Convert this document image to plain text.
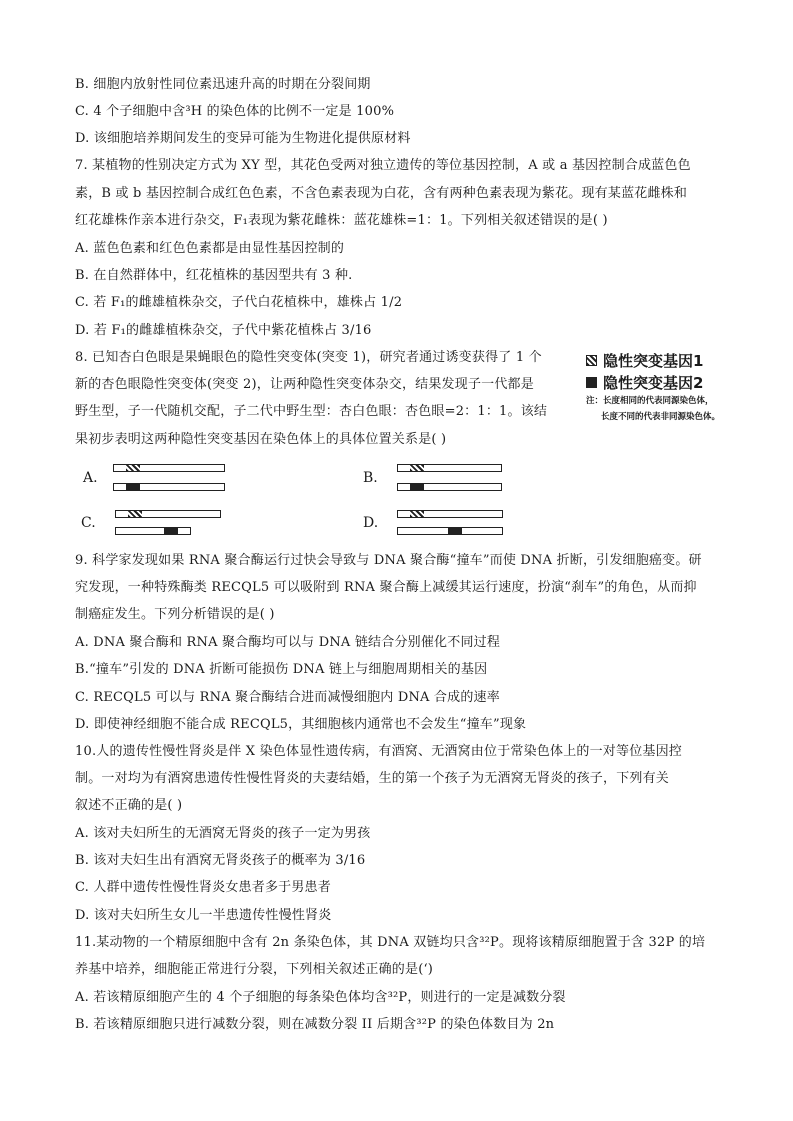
B. 细胞内放射性同位素迅速升高的时期在分裂间期
C. 4 个子细胞中含³H 的染色体的比例不一定是 100%
D. 该细胞培养期间发生的变异可能为生物进化提供原材料
7. 某植物的性别决定方式为 XY 型，其花色受两对独立遗传的等位基因控制，A 或 a 基因控制合成蓝色色
素，B 或 b 基因控制合成红色色素，不含色素表现为白花，含有两种色素表现为紫花。现有某蓝花雌株和
红花雄株作亲本进行杂交，F₁表现为紫花雌株：蓝花雄株=1：1。下列相关叙述错误的是( )
A. 蓝色色素和红色色素都是由显性基因控制的
B. 在自然群体中，红花植株的基因型共有 3 种.
C. 若 F₁的雌雄植株杂交，子代白花植株中，雄株占 1/2
D. 若 F₁的雌雄植株杂交，子代中紫花植株占 3/16
8. 已知杏白色眼是果蝇眼色的隐性突变体(突变 1)，研究者通过诱变获得了 1 个
新的杏色眼隐性突变体(突变 2)，让两种隐性突变体杂交，结果发现子一代都是
野生型，子一代随机交配，子二代中野生型：杏白色眼：杏色眼=2：1：1。该结
果初步表明这两种隐性突变基因在染色体上的具体位置关系是( )
隐性突变基因1
隐性突变基因2
注：长度相同的代表同源染色体，
长度不同的代表非同源染色体。
A.	B.
C.	D.
9. 科学家发现如果 RNA 聚合酶运行过快会导致与 DNA 聚合酶“撞车”而使 DNA 折断，引发细胞癌变。研
究发现，一种特殊酶类 RECQL5 可以吸附到 RNA 聚合酶上减缓其运行速度，扮演“刹车”的角色，从而抑
制癌症发生。下列分析错误的是( )
A. DNA 聚合酶和 RNA 聚合酶均可以与 DNA 链结合分别催化不同过程
B.“撞车”引发的 DNA 折断可能损伤 DNA 链上与细胞周期相关的基因
C. RECQL5 可以与 RNA 聚合酶结合进而减慢细胞内 DNA 合成的速率
D. 即使神经细胞不能合成 RECQL5，其细胞核内通常也不会发生“撞车”现象
10.人的遗传性慢性肾炎是伴 X 染色体显性遗传病，有酒窝、无酒窝由位于常染色体上的一对等位基因控
制。一对均为有酒窝患遗传性慢性肾炎的夫妻结婚，生的第一个孩子为无酒窝无肾炎的孩子，下列有关
叙述不正确的是( )
A. 该对夫妇所生的无酒窝无肾炎的孩子一定为男孩
B. 该对夫妇生出有酒窝无肾炎孩子的概率为 3/16
C. 人群中遗传性慢性肾炎女患者多于男患者
D. 该对夫妇所生女儿一半患遗传性慢性肾炎
11.某动物的一个精原细胞中含有 2n 条染色体，其 DNA 双链均只含³²P。现将该精原细胞置于含 32P 的培
养基中培养，细胞能正常进行分裂，下列相关叙述正确的是(‘)
A. 若该精原细胞产生的 4 个子细胞的每条染色体均含³²P，则进行的一定是减数分裂
B. 若该精原细胞只进行减数分裂，则在减数分裂 II 后期含³²P 的染色体数目为 2n
